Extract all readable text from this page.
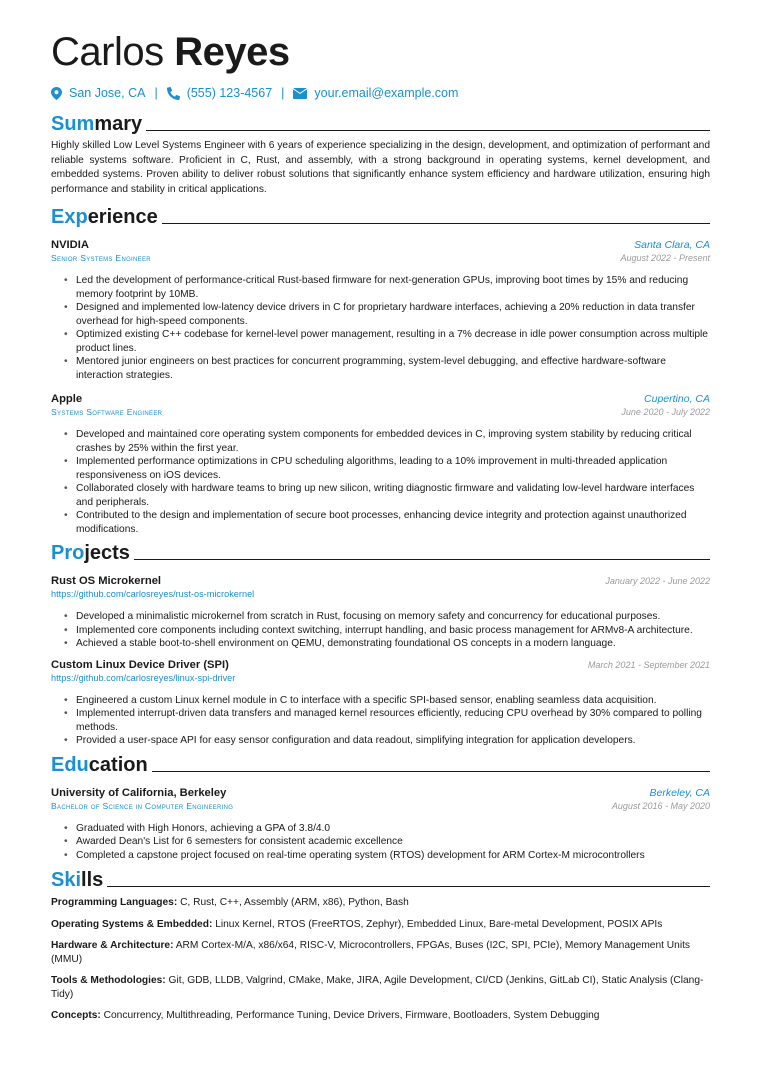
Carlos Reyes
San Jose, CA | (555) 123-4567 | your.email@example.com
Summary

Highly skilled Low Level Systems Engineer with 6 years of experience specializing in the design, development, and optimization of performant and reliable systems software. Proficient in C, Rust, and assembly, with a strong background in operating systems, kernel development, and embedded systems. Proven ability to deliver robust solutions that significantly enhance system efficiency and hardware utilization, ensuring high performance and stability in critical applications.

Experience
NVIDIA	Santa Clara, CA
Senior Systems Engineer	August 2022 - Present
• Led the development of performance-critical Rust-based firmware for next-generation GPUs, improving boot times by 15% and reducing memory footprint by 10MB.
• Designed and implemented low-latency device drivers in C for proprietary hardware interfaces, achieving a 20% reduction in data transfer overhead for high-speed components.
• Optimized existing C++ codebase for kernel-level power management, resulting in a 7% decrease in idle power consumption across multiple product lines.
• Mentored junior engineers on best practices for concurrent programming, system-level debugging, and effective hardware-software interaction strategies.
Apple	Cupertino, CA
Systems Software Engineer	June 2020 - July 2022
• Developed and maintained core operating system components for embedded devices in C, improving system stability by reducing critical crashes by 25% within the first year.
• Implemented performance optimizations in CPU scheduling algorithms, leading to a 10% improvement in multi-threaded application responsiveness on iOS devices.
• Collaborated closely with hardware teams to bring up new silicon, writing diagnostic firmware and validating low-level hardware interfaces and peripherals.
• Contributed to the design and implementation of secure boot processes, enhancing device integrity and protection against unauthorized modifications.
Projects
Rust OS Microkernel	January 2022 - June 2022
https://github.com/carlosreyes/rust-os-microkernel
• Developed a minimalistic microkernel from scratch in Rust, focusing on memory safety and concurrency for educational purposes.
• Implemented core components including context switching, interrupt handling, and basic process management for ARMv8-A architecture.
• Achieved a stable boot-to-shell environment on QEMU, demonstrating foundational OS concepts in a modern language.
Custom Linux Device Driver (SPI)	March 2021 - September 2021
https://github.com/carlosreyes/linux-spi-driver
• Engineered a custom Linux kernel module in C to interface with a specific SPI-based sensor, enabling seamless data acquisition.
• Implemented interrupt-driven data transfers and managed kernel resources efficiently, reducing CPU overhead by 30% compared to polling methods.
• Provided a user-space API for easy sensor configuration and data readout, simplifying integration for application developers.
Education
University of California, Berkeley	Berkeley, CA
Bachelor of Science in Computer Engineering	August 2016 - May 2020
• Graduated with High Honors, achieving a GPA of 3.8/4.0
• Awarded Dean's List for 6 semesters for consistent academic excellence
• Completed a capstone project focused on real-time operating system (RTOS) development for ARM Cortex-M microcontrollers
Skills
Programming Languages: C, Rust, C++, Assembly (ARM, x86), Python, Bash
Operating Systems & Embedded: Linux Kernel, RTOS (FreeRTOS, Zephyr), Embedded Linux, Bare-metal Development, POSIX APIs
Hardware & Architecture: ARM Cortex-M/A, x86/x64, RISC-V, Microcontrollers, FPGAs, Buses (I2C, SPI, PCIe), Memory Management Units (MMU)
Tools & Methodologies: Git, GDB, LLDB, Valgrind, CMake, Make, JIRA, Agile Development, CI/CD (Jenkins, GitLab CI), Static Analysis (Clang-Tidy)
Concepts: Concurrency, Multithreading, Performance Tuning, Device Drivers, Firmware, Bootloaders, System Debugging
